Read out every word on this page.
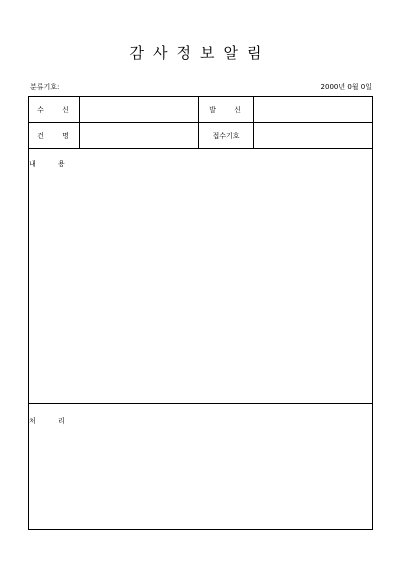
감사정보알림
분류기호:	2000년 0월 0일
수 신	발 신
건 명	접수기호
내 용
처 리
